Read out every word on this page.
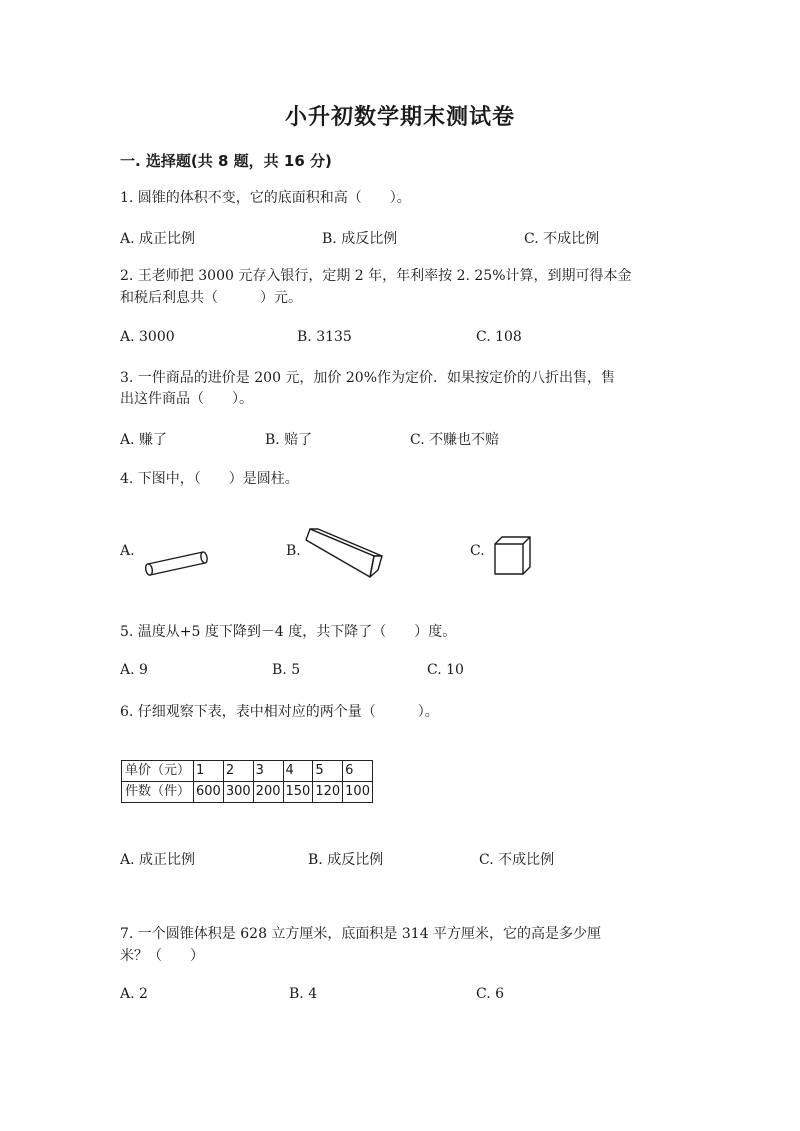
小升初数学期末测试卷
一. 选择题(共 8 题，共 16 分)
1. 圆锥的体积不变，它的底面积和高（　　）。
A. 成正比例	B. 成反比例	C. 不成比例
2. 王老师把 3000 元存入银行，定期 2 年，年利率按 2. 25%计算，到期可得本金
和税后利息共（　　　）元。
A. 3000	B. 3135	C. 108
3. 一件商品的进价是 200 元，加价 20%作为定价．如果按定价的八折出售，售
出这件商品（　　）。
A. 赚了	B. 赔了	C. 不赚也不赔
4. 下图中，（　　）是圆柱。
A.	B.	C.
5. 温度从+5 度下降到－4 度，共下降了（　　）度。
A. 9	B. 5	C. 10
6. 仔细观察下表，表中相对应的两个量（　　　）。
单价（元）	1	2	3	4	5	6
件数（件）	600	300	200	150	120	100
A. 成正比例	B. 成反比例	C. 不成比例
7. 一个圆锥体积是 628 立方厘米，底面积是 314 平方厘米，它的高是多少厘
米？（　　）
A. 2	B. 4	C. 6
